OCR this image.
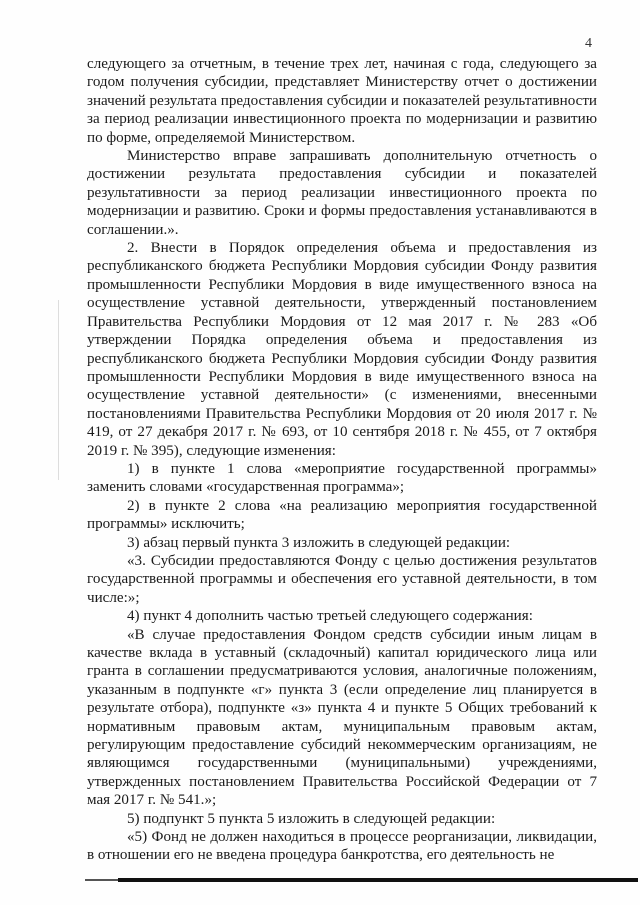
4

следующего за отчетным, в течение трех лет, начиная с года, следующего за годом получения субсидии, представляет Министерству отчет о достижении значений результата предоставления субсидии и показателей результативности за период реализации инвестиционного проекта по модернизации и развитию по форме, определяемой Министерством.

Министерство вправе запрашивать дополнительную отчетность о достижении результата предоставления субсидии и показателей результативности за период реализации инвестиционного проекта по модернизации и развитию. Сроки и формы предоставления устанавливаются в соглашении.».

2. Внести в Порядок определения объема и предоставления из республиканского бюджета Республики Мордовия субсидии Фонду развития промышленности Республики Мордовия в виде имущественного взноса на осуществление уставной деятельности, утвержденный постановлением Правительства Республики Мордовия от 12 мая 2017 г. № 283 «Об утверждении Порядка определения объема и предоставления из республиканского бюджета Республики Мордовия субсидии Фонду развития промышленности Республики Мордовия в виде имущественного взноса на осуществление уставной деятельности» (с изменениями, внесенными постановлениями Правительства Республики Мордовия от 20 июля 2017 г. № 419, от 27 декабря 2017 г. № 693, от 10 сентября 2018 г. № 455, от 7 октября 2019 г. № 395), следующие изменения:

1) в пункте 1 слова «мероприятие государственной программы» заменить словами «государственная программа»;

2) в пункте 2 слова «на реализацию мероприятия государственной программы» исключить;

3) абзац первый пункта 3 изложить в следующей редакции:

«3. Субсидии предоставляются Фонду с целью достижения результатов государственной программы и обеспечения его уставной деятельности, в том числе:»;

4) пункт 4 дополнить частью третьей следующего содержания:

«В случае предоставления Фондом средств субсидии иным лицам в качестве вклада в уставный (складочный) капитал юридического лица или гранта в соглашении предусматриваются условия, аналогичные положениям, указанным в подпункте «г» пункта 3 (если определение лиц планируется в результате отбора), подпункте «з» пункта 4 и пункте 5 Общих требований к нормативным правовым актам, муниципальным правовым актам, регулирующим предоставление субсидий некоммерческим организациям, не являющимся государственными (муниципальными) учреждениями, утвержденных постановлением Правительства Российской Федерации от 7 мая 2017 г. № 541.»;

5) подпункт 5 пункта 5 изложить в следующей редакции:

«5) Фонд не должен находиться в процессе реорганизации, ликвидации, в отношении его не введена процедура банкротства, его деятельность не
